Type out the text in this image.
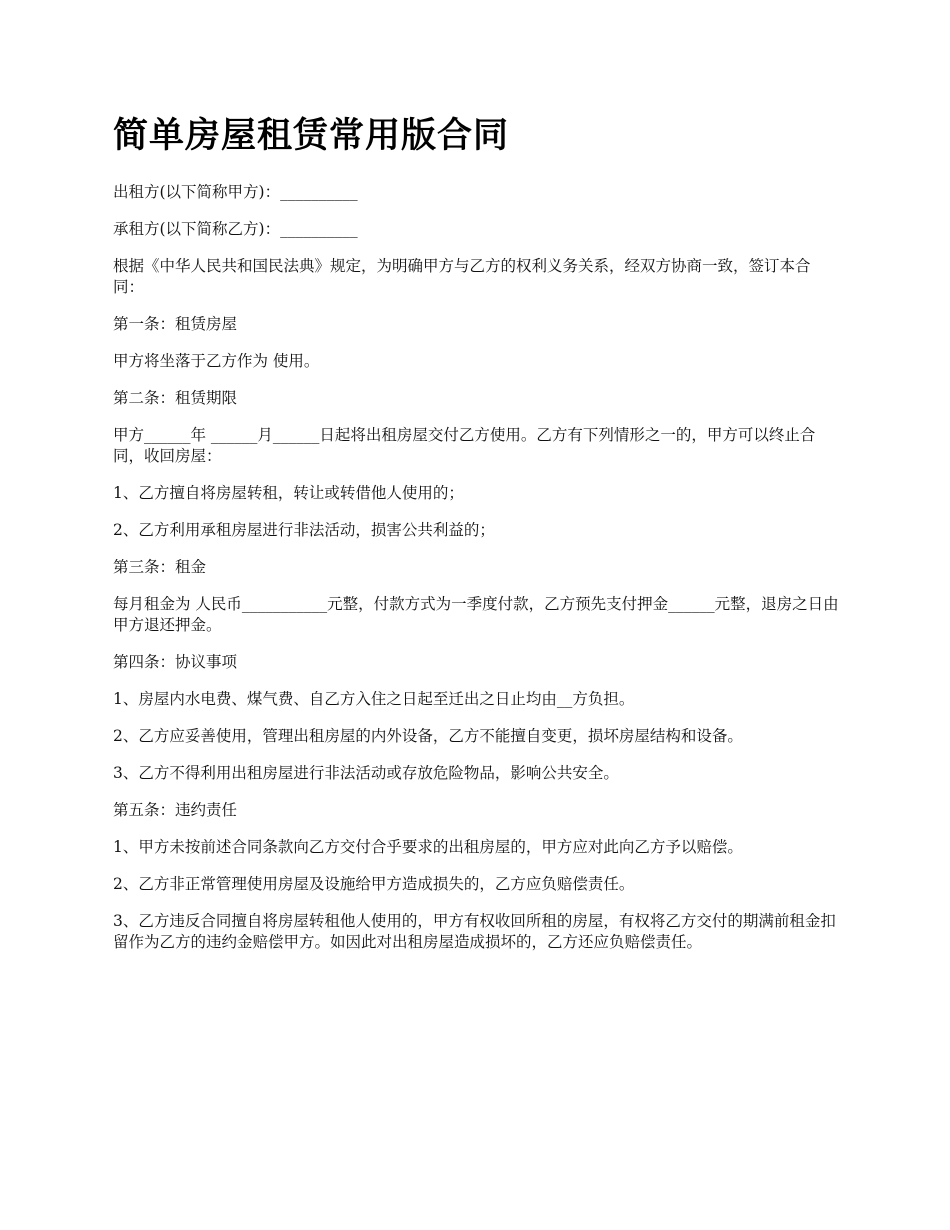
简单房屋租赁常用版合同

出租方(以下简称甲方)：__________

承租方(以下简称乙方)：__________

根据《中华人民共和国民法典》规定，为明确甲方与乙方的权利义务关系，经双方协商一致，签订本合同：

第一条：租赁房屋

甲方将坐落于乙方作为 使用。

第二条：租赁期限

甲方______年 ______月______日起将出租房屋交付乙方使用。乙方有下列情形之一的，甲方可以终止合同，收回房屋：

1、乙方擅自将房屋转租，转让或转借他人使用的；

2、乙方利用承租房屋进行非法活动，损害公共利益的；

第三条：租金

每月租金为 人民币___________元整，付款方式为一季度付款，乙方预先支付押金______元整，退房之日由甲方退还押金。

第四条：协议事项

1、房屋内水电费、煤气费、自乙方入住之日起至迁出之日止均由__方负担。

2、乙方应妥善使用，管理出租房屋的内外设备，乙方不能擅自变更，损坏房屋结构和设备。

3、乙方不得利用出租房屋进行非法活动或存放危险物品，影响公共安全。

第五条：违约责任

1、甲方未按前述合同条款向乙方交付合乎要求的出租房屋的，甲方应对此向乙方予以赔偿。

2、乙方非正常管理使用房屋及设施给甲方造成损失的，乙方应负赔偿责任。

3、乙方违反合同擅自将房屋转租他人使用的，甲方有权收回所租的房屋，有权将乙方交付的期满前租金扣留作为乙方的违约金赔偿甲方。如因此对出租房屋造成损坏的，乙方还应负赔偿责任。
